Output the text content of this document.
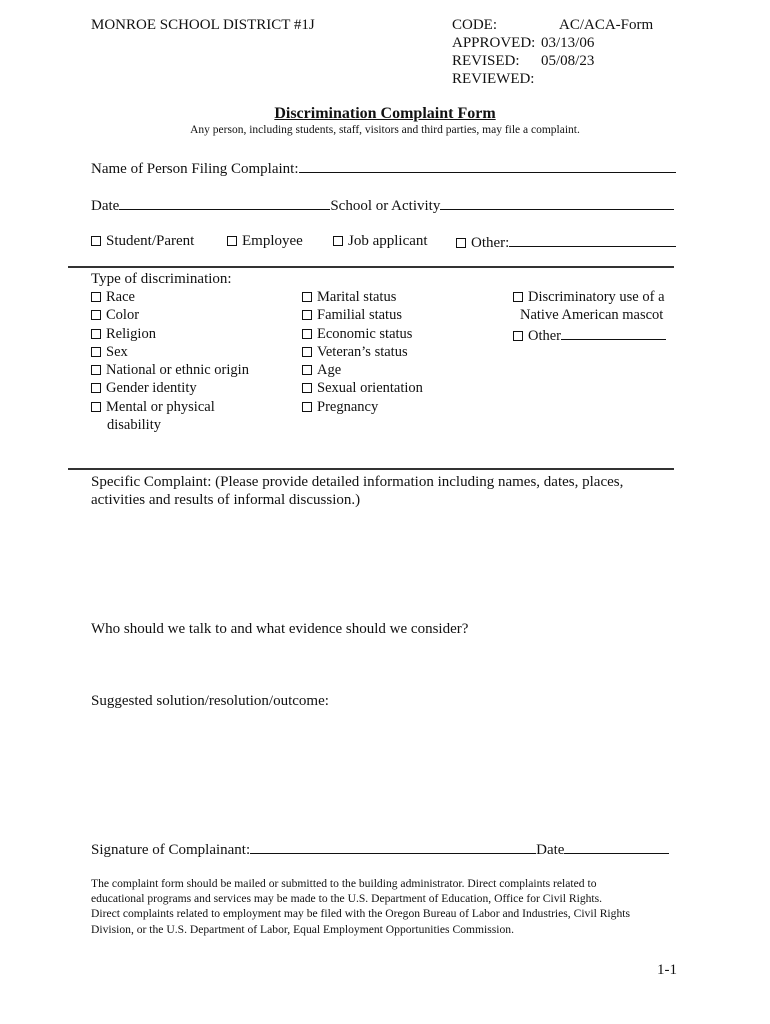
MONROE SCHOOL DISTRICT #1J	CODE:	AC/ACA-Form
APPROVED: 03/13/06
REVISED:	05/08/23
REVIEWED:
Discrimination Complaint Form
Any person, including students, staff, visitors and third parties, may file a complaint.
Name of Person Filing Complaint:
Date	School or Activity
Student/Parent	Employee	Job applicant	Other:
Type of discrimination:
Race
Color
Religion
Sex
National or ethnic origin
Gender identity
Mental or physical
disability
Marital status
Familial status
Economic status
Veteran’s status
Age
Sexual orientation
Pregnancy
Discriminatory use of a
Native American mascot
Other
Specific Complaint: (Please provide detailed information including names, dates, places,
activities and results of informal discussion.)
Who should we talk to and what evidence should we consider?
Suggested solution/resolution/outcome:
Signature of Complainant:	Date
The complaint form should be mailed or submitted to the building administrator. Direct complaints related to
educational programs and services may be made to the U.S. Department of Education, Office for Civil Rights.
Direct complaints related to employment may be filed with the Oregon Bureau of Labor and Industries, Civil Rights
Division, or the U.S. Department of Labor, Equal Employment Opportunities Commission.
1-1
